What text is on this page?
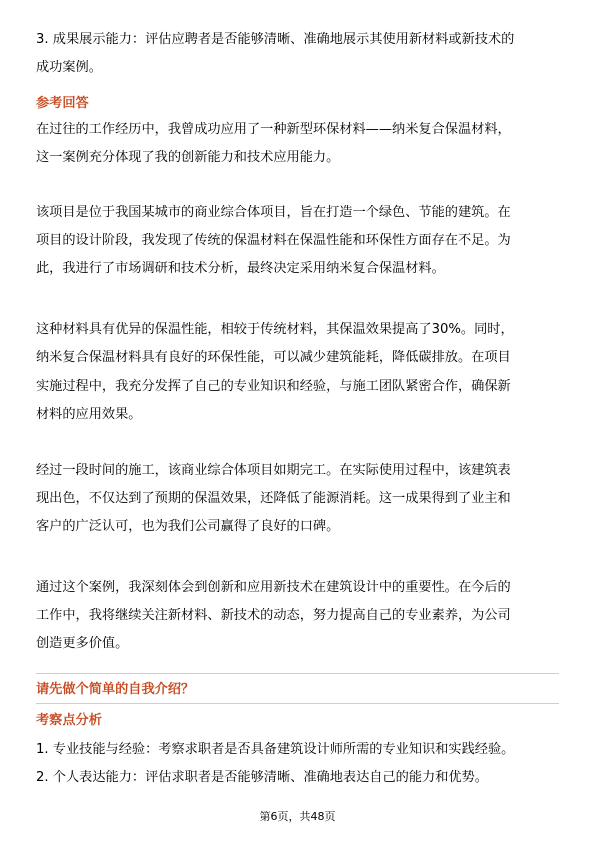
3. 成果展示能力：评估应聘者是否能够清晰、准确地展示其使用新材料或新技术的
成功案例。
参考回答
在过往的工作经历中，我曾成功应用了一种新型环保材料——纳米复合保温材料，
这一案例充分体现了我的创新能力和技术应用能力。
该项目是位于我国某城市的商业综合体项目，旨在打造一个绿色、节能的建筑。在
项目的设计阶段，我发现了传统的保温材料在保温性能和环保性方面存在不足。为
此，我进行了市场调研和技术分析，最终决定采用纳米复合保温材料。
这种材料具有优异的保温性能，相较于传统材料，其保温效果提高了30%。同时，
纳米复合保温材料具有良好的环保性能，可以减少建筑能耗，降低碳排放。在项目
实施过程中，我充分发挥了自己的专业知识和经验，与施工团队紧密合作，确保新
材料的应用效果。
经过一段时间的施工，该商业综合体项目如期完工。在实际使用过程中，该建筑表
现出色，不仅达到了预期的保温效果，还降低了能源消耗。这一成果得到了业主和
客户的广泛认可，也为我们公司赢得了良好的口碑。
通过这个案例，我深刻体会到创新和应用新技术在建筑设计中的重要性。在今后的
工作中，我将继续关注新材料、新技术的动态，努力提高自己的专业素养，为公司
创造更多价值。
请先做个简单的自我介绍？
考察点分析
1. 专业技能与经验：考察求职者是否具备建筑设计师所需的专业知识和实践经验。
2. 个人表达能力：评估求职者是否能够清晰、准确地表达自己的能力和优势。
第6页，共48页
